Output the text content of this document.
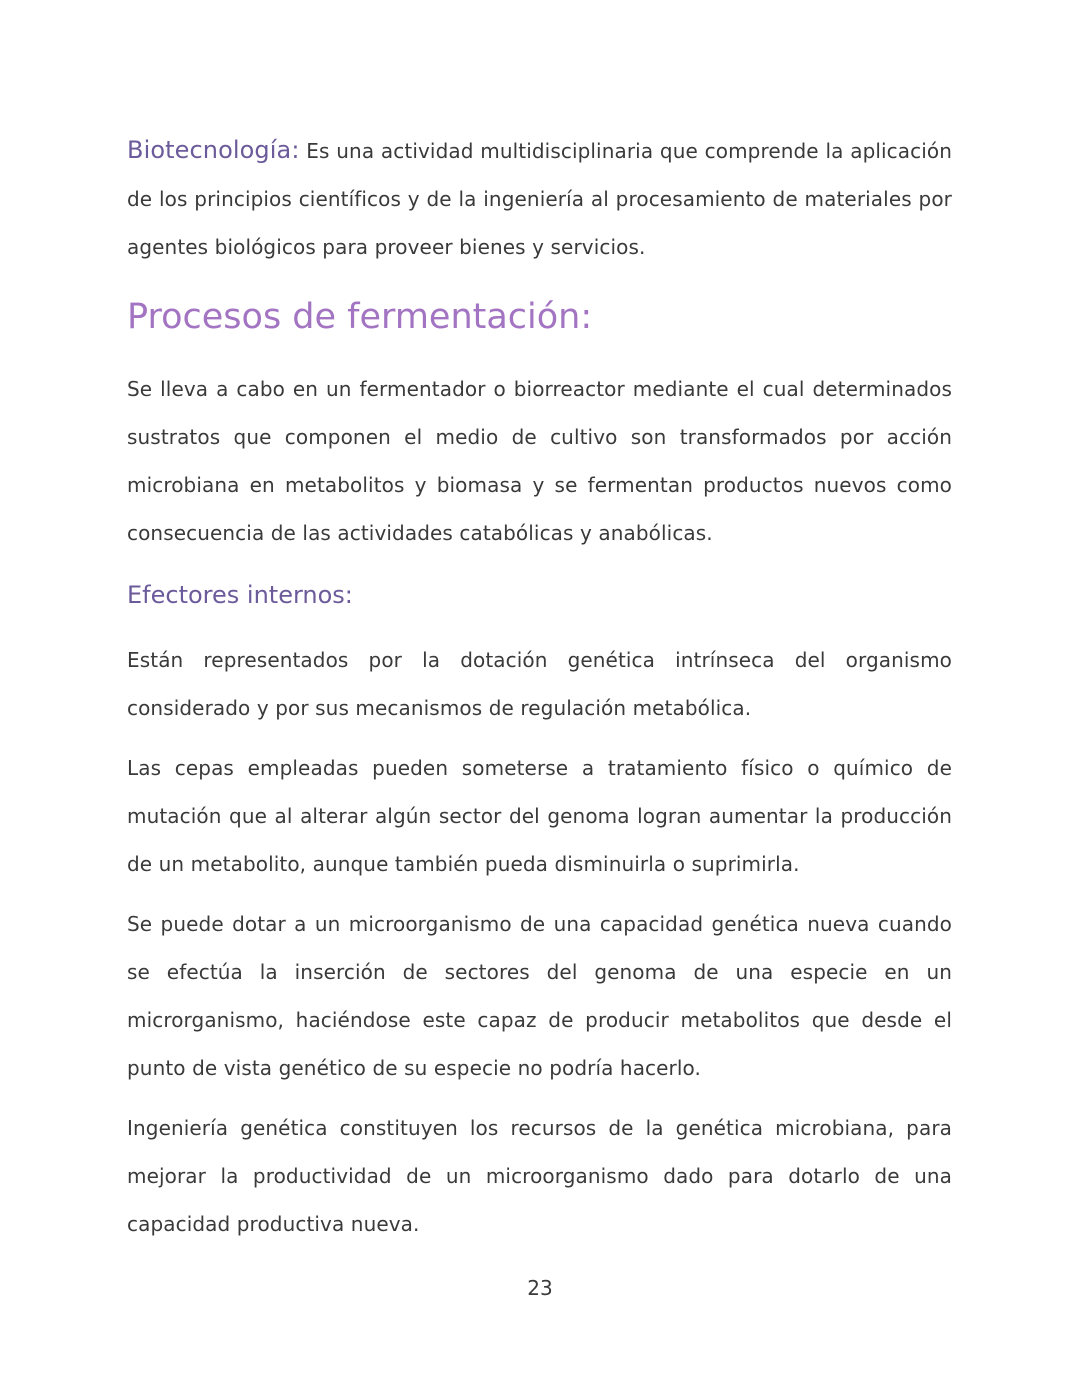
Biotecnología: Es una actividad multidisciplinaria que comprende la aplicación de los principios científicos y de la ingeniería al procesamiento de materiales por agentes biológicos para proveer bienes y servicios.

Procesos de fermentación:

Se lleva a cabo en un fermentador o biorreactor mediante el cual determinados sustratos que componen el medio de cultivo son transformados por acción microbiana en metabolitos y biomasa y se fermentan productos nuevos como consecuencia de las actividades catabólicas y anabólicas.

Efectores internos:

Están representados por la dotación genética intrínseca del organismo considerado y por sus mecanismos de regulación metabólica.

Las cepas empleadas pueden someterse a tratamiento físico o químico de mutación que al alterar algún sector del genoma logran aumentar la producción de un metabolito, aunque también pueda disminuirla o suprimirla.

Se puede dotar a un microorganismo de una capacidad genética nueva cuando se efectúa la inserción de sectores del genoma de una especie en un microrganismo, haciéndose este capaz de producir metabolitos que desde el punto de vista genético de su especie no podría hacerlo.

Ingeniería genética constituyen los recursos de la genética microbiana, para mejorar la productividad de un microorganismo dado para dotarlo de una capacidad productiva nueva.

23
